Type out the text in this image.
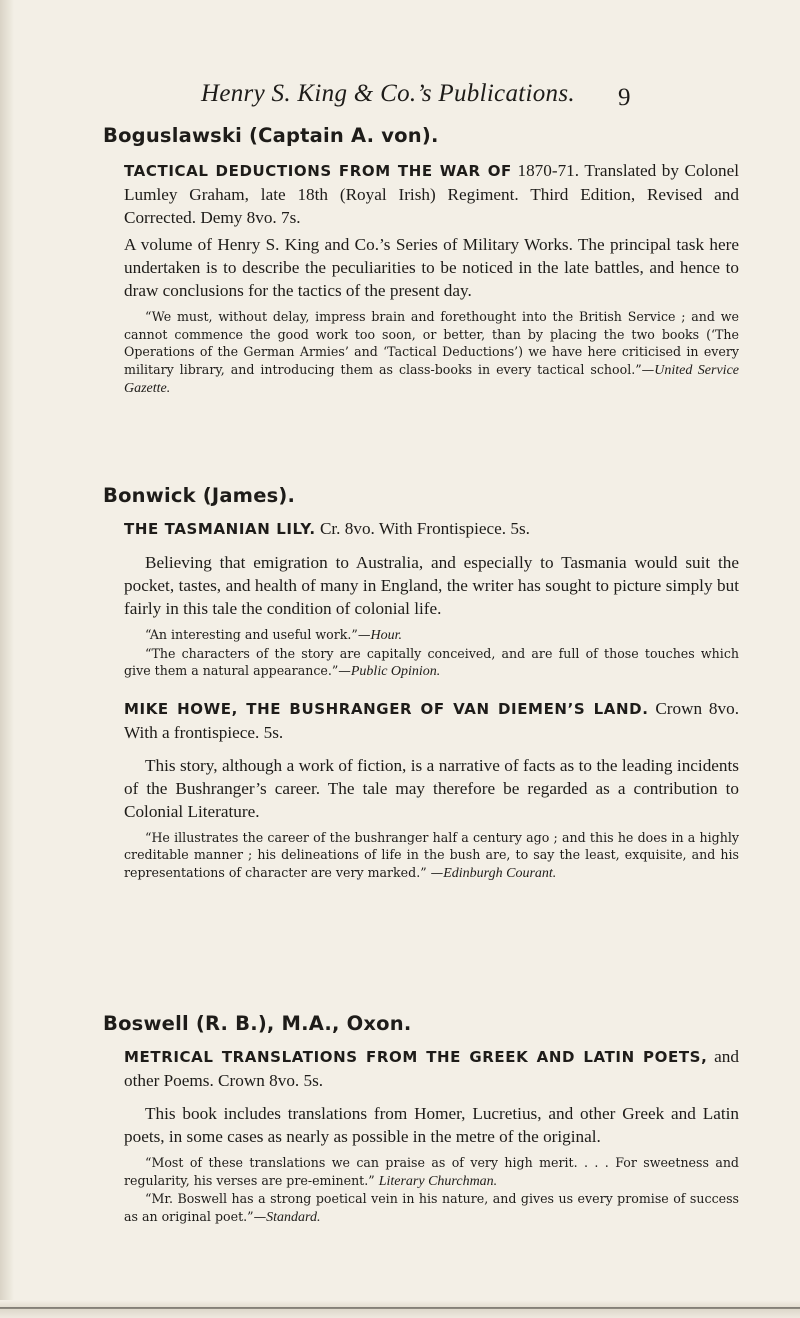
Henry S. King & Co.’s Publications. 9

Boguslawski (Captain A. von).

TACTICAL DEDUCTIONS FROM THE WAR OF 1870-71. Translated by Colonel Lumley Graham, late 18th (Royal Irish) Regiment. Third Edition, Revised and Corrected. Demy 8vo. 7s.

A volume of Henry S. King and Co.’s Series of Military Works. The principal task here undertaken is to describe the peculiarities to be noticed in the late battles, and hence to draw conclusions for the tactics of the present day.

“We must, without delay, impress brain and forethought into the British Service ; and we cannot commence the good work too soon, or better, than by placing the two books (‘The Operations of the German Armies’ and ‘Tactical Deductions’) we have here criticised in every military library, and introducing them as class-books in every tactical school.”—United Service Gazette.

Bonwick (James).

THE TASMANIAN LILY. Cr. 8vo. With Frontispiece. 5s.

Believing that emigration to Australia, and especially to Tasmania would suit the pocket, tastes, and health of many in England, the writer has sought to picture simply but fairly in this tale the condition of colonial life.

“An interesting and useful work.”—Hour.

“The characters of the story are capitally conceived, and are full of those touches which give them a natural appearance.”—Public Opinion.

MIKE HOWE, THE BUSHRANGER OF VAN DIEMEN’S LAND. Crown 8vo. With a frontispiece. 5s.

This story, although a work of fiction, is a narrative of facts as to the leading incidents of the Bushranger’s career. The tale may therefore be regarded as a contribution to Colonial Literature.

“He illustrates the career of the bushranger half a century ago ; and this he does in a highly creditable manner ; his delineations of life in the bush are, to say the least, exquisite, and his representations of character are very marked.” —Edinburgh Courant.

Boswell (R. B.), M.A., Oxon.

METRICAL TRANSLATIONS FROM THE GREEK AND LATIN POETS, and other Poems. Crown 8vo. 5s.

This book includes translations from Homer, Lucretius, and other Greek and Latin poets, in some cases as nearly as possible in the metre of the original.

“Most of these translations we can praise as of very high merit. . . . For sweetness and regularity, his verses are pre-eminent.” Literary Churchman.

“Mr. Boswell has a strong poetical vein in his nature, and gives us every promise of success as an original poet.”—Standard.
